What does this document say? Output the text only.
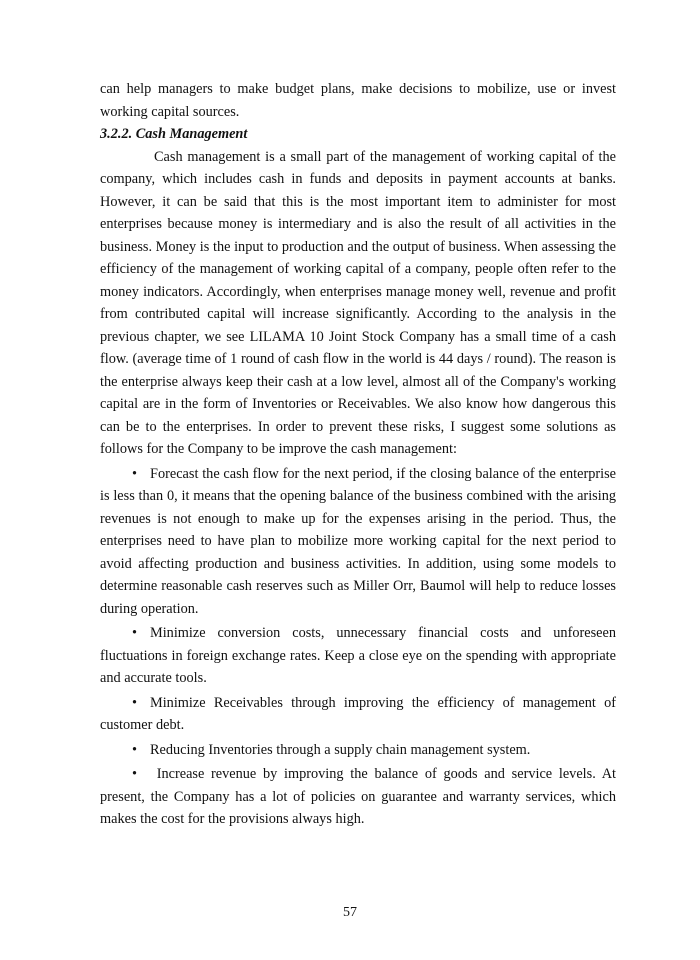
can help managers to make budget plans, make decisions to mobilize, use or invest working capital sources.

3.2.2. Cash Management

Cash management is a small part of the management of working capital of the company, which includes cash in funds and deposits in payment accounts at banks. However, it can be said that this is the most important item to administer for most enterprises because money is intermediary and is also the result of all activities in the business. Money is the input to production and the output of business. When assessing the efficiency of the management of working capital of a company, people often refer to the money indicators. Accordingly, when enterprises manage money well, revenue and profit from contributed capital will increase significantly. According to the analysis in the previous chapter, we see LILAMA 10 Joint Stock Company has a small time of a cash flow. (average time of 1 round of cash flow in the world is 44 days / round). The reason is the enterprise always keep their cash at a low level, almost all of the Company's working capital are in the form of Inventories or Receivables. We also know how dangerous this can be to the enterprises. In order to prevent these risks, I suggest some solutions as follows for the Company to be improve the cash management:

• Forecast the cash flow for the next period, if the closing balance of the enterprise is less than 0, it means that the opening balance of the business combined with the arising revenues is not enough to make up for the expenses arising in the period. Thus, the enterprises need to have plan to mobilize more working capital for the next period to avoid affecting production and business activities. In addition, using some models to determine reasonable cash reserves such as Miller Orr, Baumol will help to reduce losses during operation.

• Minimize conversion costs, unnecessary financial costs and unforeseen fluctuations in foreign exchange rates. Keep a close eye on the spending with appropriate and accurate tools.

• Minimize Receivables through improving the efficiency of management of customer debt.

• Reducing Inventories through a supply chain management system.

• Increase revenue by improving the balance of goods and service levels. At present, the Company has a lot of policies on guarantee and warranty services, which makes the cost for the provisions always high.

57
